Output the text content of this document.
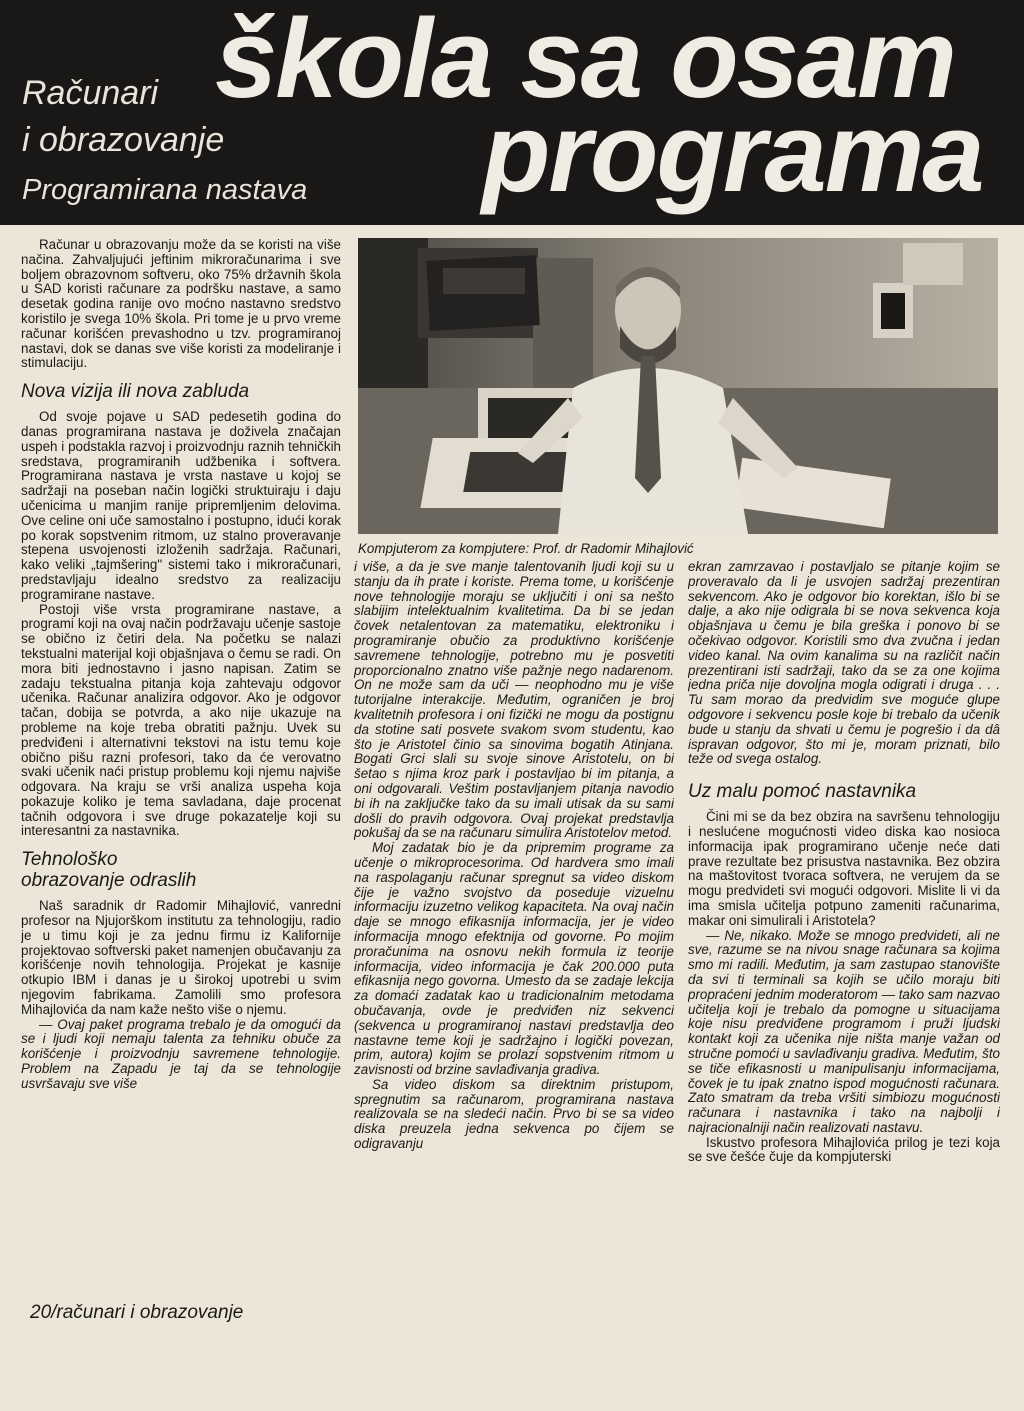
Računari
i obrazovanje
Programirana nastava
škola sa osam
programa

Računar u obrazovanju može da se koristi na više načina. Zahvaljujući jeftinim mikroračunarima i sve boljem obrazovnom softveru, oko 75% državnih škola u SAD koristi računare za podršku nastave, a samo desetak godina ranije ovo moćno nastavno sredstvo koristilo je svega 10% škola. Pri tome je u prvo vreme računar korišćen prevashodno u tzv. programiranoj nastavi, dok se danas sve više koristi za modeliranje i stimulaciju.

Nova vizija ili nova zabluda

Od svoje pojave u SAD pedesetih godina do danas programirana nastava je doživela značajan uspeh i podstakla razvoj i proizvodnju raznih tehničkih sredstava, programiranih udžbenika i softvera. Programirana nastava je vrsta nastave u kojoj se sadržaji na poseban način logički struktuiraju i daju učenicima u manjim ranije pripremljenim delovima. Ove celine oni uče samostalno i postupno, idući korak po korak sopstvenim ritmom, uz stalno proveravanje stepena usvojenosti izloženih sadržaja. Računari, kako veliki „tajmšering" sistemi tako i mikroračunari, predstavljaju idealno sredstvo za realizaciju programirane nastave.

Postoji više vrsta programirane nastave, a programi koji na ovaj način podržavaju učenje sastoje se obično iz četiri dela. Na početku se nalazi tekstualni materijal koji objašnjava o čemu se radi. On mora biti jednostavno i jasno napisan. Zatim se zadaju tekstualna pitanja koja zahtevaju odgovor učenika. Računar analizira odgovor. Ako je odgovor tačan, dobija se potvrda, a ako nije ukazuje na probleme na koje treba obratiti pažnju. Uvek su predviđeni i alternativni tekstovi na istu temu koje obično pišu razni profesori, tako da će verovatno svaki učenik naći pristup problemu koji njemu najviše odgovara. Na kraju se vrši analiza uspeha koja pokazuje koliko je tema savladana, daje procenat tačnih odgovora i sve druge pokazatelje koji su interesantni za nastavnika.

Tehnološko
obrazovanje odraslih

Naš saradnik dr Radomir Mihajlović, vanredni profesor na Njujorškom institutu za tehnologiju, radio je u timu koji je za jednu firmu iz Kalifornije projektovao softverski paket namenjen obučavanju za korišćenje novih tehnologija. Projekat je kasnije otkupio IBM i danas je u širokoj upotrebi u svim njegovim fabrikama. Zamolili smo profesora Mihajlovića da nam kaže nešto više o njemu.

— Ovaj paket programa trebalo je da omogući da se i ljudi koji nemaju talenta za tehniku obuče za korišćenje i proizvodnju savremene tehnologije. Problem na Zapadu je taj da se tehnologije usvršavaju sve više

Kompjuterom za kompjutere: Prof. dr Radomir Mihajlović

i više, a da je sve manje talentovanih ljudi koji su u stanju da ih prate i koriste. Prema tome, u korišćenje nove tehnologije moraju se uključiti i oni sa nešto slabijim intelektualnim kvalitetima. Da bi se jedan čovek netalentovan za matematiku, elektroniku i programiranje obučio za produktivno korišćenje savremene tehnologije, potrebno mu je posvetiti proporcionalno znatno više pažnje nego nadarenom. On ne može sam da uči — neophodno mu je više tutorijalne interakcije. Međutim, ograničen je broj kvalitetnih profesora i oni fizički ne mogu da postignu da stotine sati posvete svakom svom studentu, kao što je Aristotel činio sa sinovima bogatih Atinjana. Bogati Grci slali su svoje sinove Aristotelu, on bi šetao s njima kroz park i postavljao bi im pitanja, a oni odgovarali. Veštim postavljanjem pitanja navodio bi ih na zaključke tako da su imali utisak da su sami došli do pravih odgovora. Ovaj projekat predstavlja pokušaj da se na računaru simulira Aristotelov metod.

Moj zadatak bio je da pripremim programe za učenje o mikroprocesorima. Od hardvera smo imali na raspolaganju računar spregnut sa video diskom čije je važno svojstvo da poseduje vizuelnu informaciju izuzetno velikog kapaciteta. Na ovaj način daje se mnogo efikasnija informacija, jer je video informacija mnogo efektnija od govorne. Po mojim proračunima na osnovu nekih formula iz teorije informacija, video informacija je čak 200.000 puta efikasnija nego govorna. Umesto da se zadaje lekcija za domaći zadatak kao u tradicionalnim metodama obučavanja, ovde je predviđen niz sekvenci (sekvenca u programiranoj nastavi predstavlja deo nastavne teme koji je sadržajno i logički povezan, prim, autora) kojim se prolazi sopstvenim ritmom u zavisnosti od brzine savlađivanja gradiva.

Sa video diskom sa direktnim pristupom, spregnutim sa računarom, programirana nastava realizovala se na sledeći način. Prvo bi se sa video diska preuzela jedna sekvenca po čijem se odigravanju

ekran zamrzavao i postavljalo se pitanje kojim se proveravalo da li je usvojen sadržaj prezentiran sekvencom. Ako je odgovor bio korektan, išlo bi se dalje, a ako nije odigrala bi se nova sekvenca koja objašnjava u čemu je bila greška i ponovo bi se očekivao odgovor. Koristili smo dva zvučna i jedan video kanal. Na ovim kanalima su na različit način prezentirani isti sadržaji, tako da se za one kojima jedna priča nije dovoljna mogla odigrati i druga . . . Tu sam morao da predvidim sve moguće glupe odgovore i sekvencu posle koje bi trebalo da učenik bude u stanju da shvati u čemu je pogrešio i da dâ ispravan odgovor, što mi je, moram priznati, bilo teže od svega ostalog.

Uz malu pomoć nastavnika

Čini mi se da bez obzira na savršenu tehnologiju i neslućene mogućnosti video diska kao nosioca informacija ipak programirano učenje neće dati prave rezultate bez prisustva nastavnika. Bez obzira na maštovitost tvoraca softvera, ne verujem da se mogu predvideti svi mogući odgovori. Mislite li vi da ima smisla učitelja potpuno zameniti računarima, makar oni simulirali i Aristotela?

— Ne, nikako. Može se mnogo predvideti, ali ne sve, razume se na nivou snage računara sa kojima smo mi radili. Međutim, ja sam zastupao stanovište da svi ti terminali sa kojih se učilo moraju biti propraćeni jednim moderatorom — tako sam nazvao učitelja koji je trebalo da pomogne u situacijama koje nisu predviđene programom i pruži ljudski kontakt koji za učenika nije ništa manje važan od stručne pomoći u savlađivanju gradiva. Međutim, što se tiče efikasnosti u manipulisanju informacijama, čovek je tu ipak znatno ispod mogućnosti računara. Zato smatram da treba vršiti simbiozu mogućnosti računara i nastavnika i tako na najbolji i najracionalniji način realizovati nastavu.

Iskustvo profesora Mihajlovića prilog je tezi koja se sve češće čuje da kompjuterski

20/računari i obrazovanje
